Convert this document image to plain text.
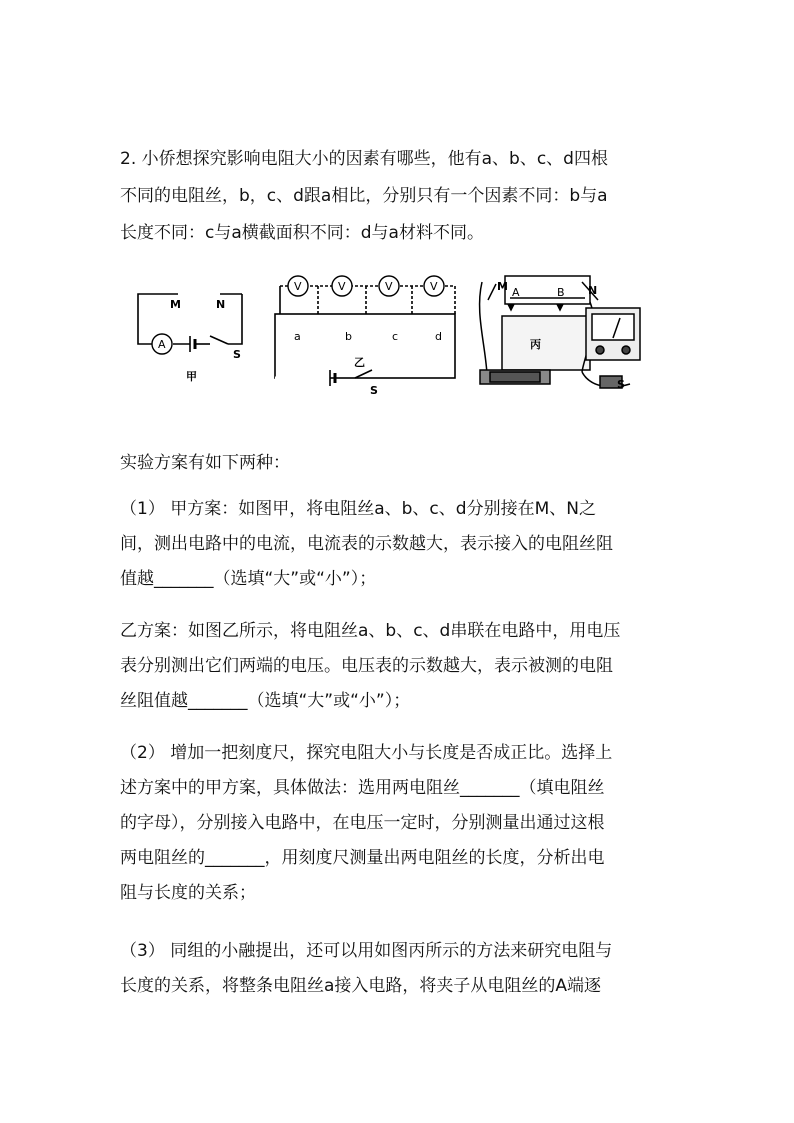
2. 小侨想探究影响电阻大小的因素有哪些，他有a、b、c、d四根
不同的电阻丝，b，c、d跟a相比，分别只有一个因素不同：b与a
长度不同：c与a横截面积不同：d与a材料不同。
A
M	N
S
甲
V	V	V	V
a	b	c	d
乙
S
A	B
M	N
丙
S
实验方案有如下两种：
（1） 甲方案：如图甲，将电阻丝a、b、c、d分别接在M、N之
间，测出电路中的电流，电流表的示数越大，表示接入的电阻丝阻
值越_______（选填“大”或“小”）；
乙方案：如图乙所示，将电阻丝a、b、c、d串联在电路中，用电压
表分别测出它们两端的电压。电压表的示数越大，表示被测的电阻
丝阻值越_______（选填“大”或“小”）；
（2） 增加一把刻度尺，探究电阻大小与长度是否成正比。选择上
述方案中的甲方案，具体做法：选用两电阻丝_______（填电阻丝
的字母），分别接入电路中，在电压一定时，分别测量出通过这根
两电阻丝的_______，用刻度尺测量出两电阻丝的长度，分析出电
阻与长度的关系；
（3） 同组的小融提出，还可以用如图丙所示的方法来研究电阻与
长度的关系，将整条电阻丝a接入电路，将夹子从电阻丝的A端逐
